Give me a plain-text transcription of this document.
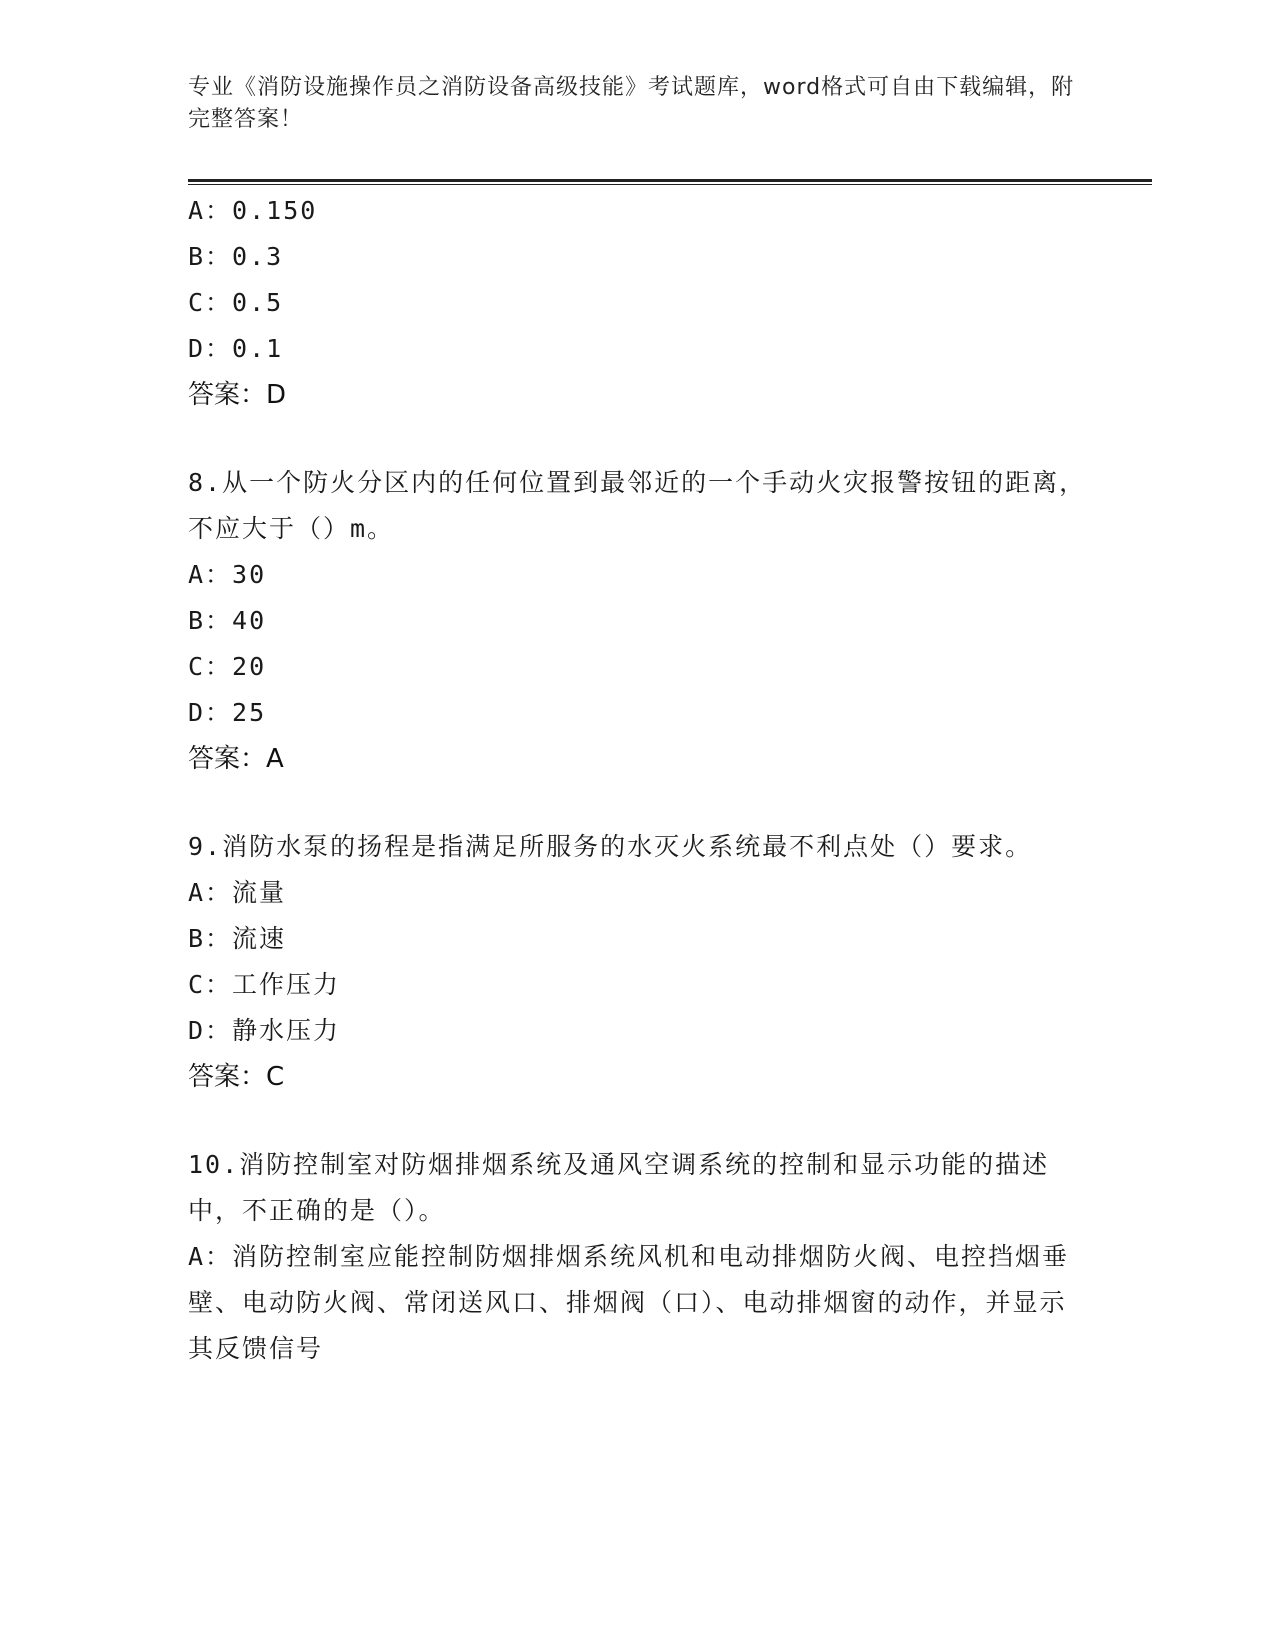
专业《消防设施操作员之消防设备高级技能》考试题库，word格式可自由下载编辑，附完整答案！
A：0.150
B：0.3
C：0.5
D：0.1
答案：D
8.从一个防火分区内的任何位置到最邻近的一个手动火灾报警按钮的距离，不应大于（）m。
A：30
B：40
C：20
D：25
答案：A
9.消防水泵的扬程是指满足所服务的水灭火系统最不利点处（）要求。
A：流量
B：流速
C：工作压力
D：静水压力
答案：C
10.消防控制室对防烟排烟系统及通风空调系统的控制和显示功能的描述中，不正确的是（）。
A：消防控制室应能控制防烟排烟系统风机和电动排烟防火阀、电控挡烟垂壁、电动防火阀、常闭送风口、排烟阀（口）、电动排烟窗的动作，并显示其反馈信号
